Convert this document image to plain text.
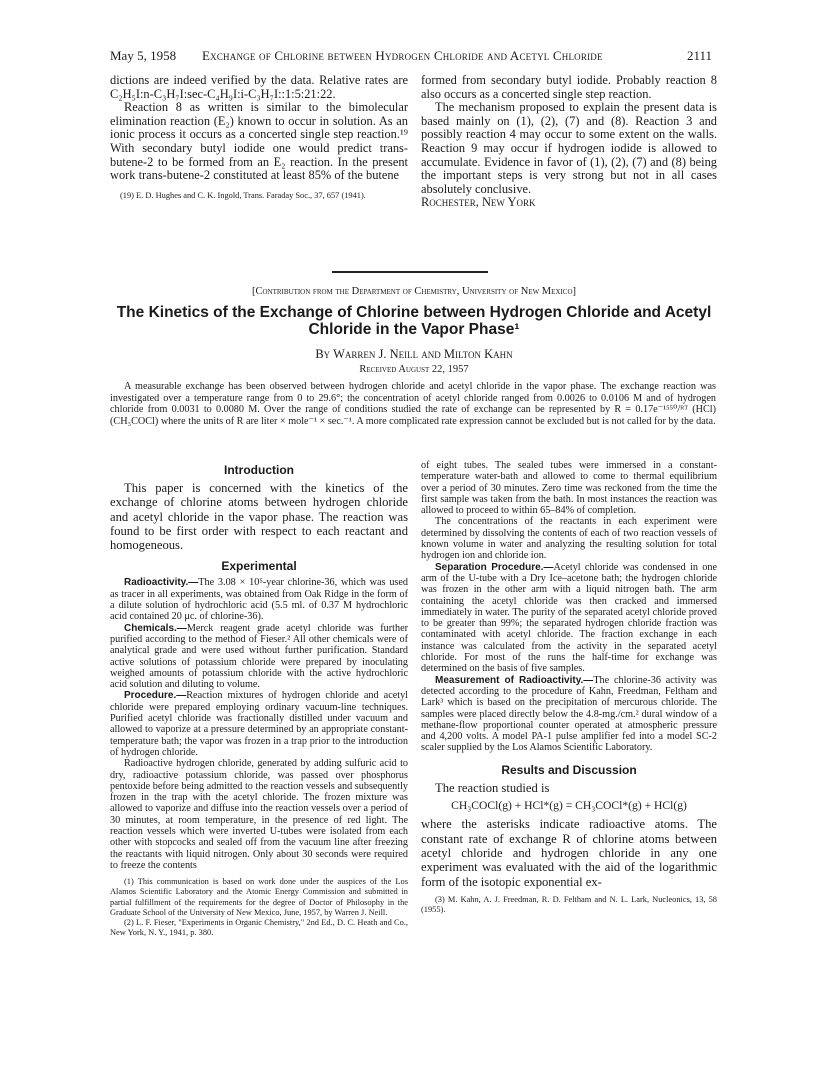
May 5, 1958 Exchange of Chlorine between Hydrogen Chloride and Acetyl Chloride	2111

dictions are indeed verified by the data. Relative rates are C₂H₅I:n-C₃H₇I:sec-C₄H₉I:i-C₃H₇I::1:5:21:22.

Reaction 8 as written is similar to the bimolecular elimination reaction (E₂) known to occur in solution. As an ionic process it occurs as a concerted single step reaction.¹⁹ With secondary butyl iodide one would predict trans-butene-2 to be formed from an E₂ reaction. In the present work trans-butene-2 constituted at least 85% of the butene

(19) E. D. Hughes and C. K. Ingold, Trans. Faraday Soc., 37, 657 (1941).

formed from secondary butyl iodide. Probably reaction 8 also occurs as a concerted single step reaction.

The mechanism proposed to explain the present data is based mainly on (1), (2), (7) and (8). Reaction 3 and possibly reaction 4 may occur to some extent on the walls. Reaction 9 may occur if hydrogen iodide is allowed to accumulate. Evidence in favor of (1), (2), (7) and (8) being the important steps is very strong but not in all cases absolutely conclusive.

Rochester, New York

[Contribution from the Department of Chemistry, University of New Mexico]
The Kinetics of the Exchange of Chlorine between Hydrogen Chloride and Acetyl Chloride in the Vapor Phase¹
By Warren J. Neill and Milton Kahn
Received August 22, 1957
A measurable exchange has been observed between hydrogen chloride and acetyl chloride in the vapor phase. The exchange reaction was investigated over a temperature range from 0 to 29.6°; the concentration of acetyl chloride ranged from 0.0026 to 0.0106 M and of hydrogen chloride from 0.0031 to 0.0080 M. Over the range of conditions studied the rate of exchange can be represented by R = 0.17e⁻¹⁵⁵⁰/ᴿᵀ (HCl) (CH₃COCl) where the units of R are liter × mole⁻¹ × sec.⁻¹. A more complicated rate expression cannot be excluded but is not called for by the data.
Introduction

This paper is concerned with the kinetics of the exchange of chlorine atoms between hydrogen chloride and acetyl chloride in the vapor phase. The reaction was found to be first order with respect to each reactant and homogeneous.

Experimental

Radioactivity.—The 3.08 × 10⁵-year chlorine-36, which was used as tracer in all experiments, was obtained from Oak Ridge in the form of a dilute solution of hydrochloric acid (5.5 ml. of 0.37 M hydrochloric acid contained 20 μc. of chlorine-36).

Chemicals.—Merck reagent grade acetyl chloride was further purified according to the method of Fieser.² All other chemicals were of analytical grade and were used without further purification. Standard active solutions of potassium chloride were prepared by inoculating weighed amounts of potassium chloride with the active hydrochloric acid solution and diluting to volume.

Procedure.—Reaction mixtures of hydrogen chloride and acetyl chloride were prepared employing ordinary vacuum-line techniques. Purified acetyl chloride was fractionally distilled under vacuum and allowed to vaporize at a pressure determined by an appropriate constant-temperature bath; the vapor was frozen in a trap prior to the introduction of hydrogen chloride.

Radioactive hydrogen chloride, generated by adding sulfuric acid to dry, radioactive potassium chloride, was passed over phosphorus pentoxide before being admitted to the reaction vessels and subsequently frozen in the trap with the acetyl chloride. The frozen mixture was allowed to vaporize and diffuse into the reaction vessels over a period of 30 minutes, at room temperature, in the presence of red light. The reaction vessels which were inverted U-tubes were isolated from each other with stopcocks and sealed off from the vacuum line after freezing the reactants with liquid nitrogen. Only about 30 seconds were required to freeze the contents

(1) This communication is based on work done under the auspices of the Los Alamos Scientific Laboratory and the Atomic Energy Commission and submitted in partial fulfillment of the requirements for the degree of Doctor of Philosophy in the Graduate School of the University of New Mexico, June, 1957, by Warren J. Neill.

(2) L. F. Fieser, "Experiments in Organic Chemistry," 2nd Ed., D. C. Heath and Co., New York, N. Y., 1941, p. 380.

of eight tubes. The sealed tubes were immersed in a constant-temperature water-bath and allowed to come to thermal equilibrium over a period of 30 minutes. Zero time was reckoned from the time the first sample was taken from the bath. In most instances the reaction was allowed to proceed to within 65–84% of completion.

The concentrations of the reactants in each experiment were determined by dissolving the contents of each of two reaction vessels of known volume in water and analyzing the resulting solution for total hydrogen ion and chloride ion.

Separation Procedure.—Acetyl chloride was condensed in one arm of the U-tube with a Dry Ice–acetone bath; the hydrogen chloride was frozen in the other arm with a liquid nitrogen bath. The arm containing the acetyl chloride was then cracked and immersed immediately in water. The purity of the separated acetyl chloride proved to be greater than 99%; the separated hydrogen chloride fraction was contaminated with acetyl chloride. The fraction exchange in each instance was calculated from the activity in the separated acetyl chloride. For most of the runs the half-time for exchange was determined on the basis of five samples.

Measurement of Radioactivity.—The chlorine-36 activity was detected according to the procedure of Kahn, Freedman, Feltham and Lark³ which is based on the precipitation of mercurous chloride. The samples were placed directly below the 4.8-mg./cm.² dural window of a methane-flow proportional counter operated at atmospheric pressure and 4,200 volts. A model PA-1 pulse amplifier fed into a model SC-2 scaler supplied by the Los Alamos Scientific Laboratory.

Results and Discussion

The reaction studied is

CH₃COCl(g) + HCl*(g) = CH₃COCl*(g) + HCl(g)

where the asterisks indicate radioactive atoms. The constant rate of exchange R of chlorine atoms between acetyl chloride and hydrogen chloride in any one experiment was evaluated with the aid of the logarithmic form of the isotopic exponential ex-

(3) M. Kahn, A. J. Freedman, R. D. Feltham and N. L. Lark, Nucleonics, 13, 58 (1955).
